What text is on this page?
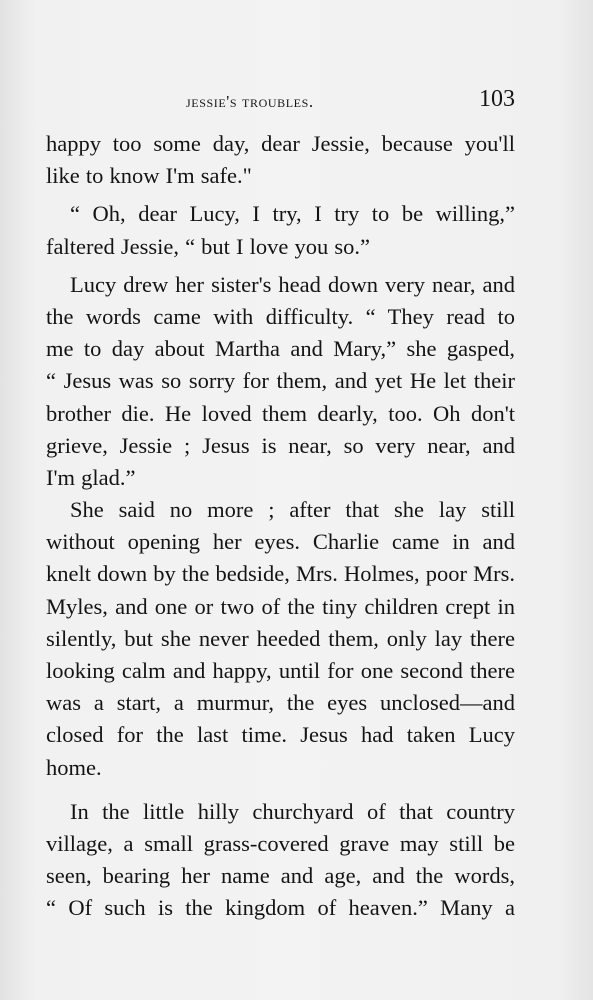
jessie's troubles.	103
happy too some day, dear Jessie, because you'll
like to know I'm safe."
“ Oh, dear Lucy, I try, I try to be willing,”
faltered Jessie, “ but I love you so.”
Lucy drew her sister's head down very near, and
the words came with difficulty. “ They read to
me to day about Martha and Mary,” she gasped,
“ Jesus was so sorry for them, and yet He let their
brother die. He loved them dearly, too. Oh don't
grieve, Jessie ; Jesus is near, so very near, and
I'm glad.”
She said no more ; after that she lay still
without opening her eyes. Charlie came in and
knelt down by the bedside, Mrs. Holmes, poor Mrs.
Myles, and one or two of the tiny children crept in
silently, but she never heeded them, only lay there
looking calm and happy, until for one second there
was a start, a murmur, the eyes unclosed—and
closed for the last time. Jesus had taken Lucy
home.
In the little hilly churchyard of that country
village, a small grass-covered grave may still be
seen, bearing her name and age, and the words,
“ Of such is the kingdom of heaven.” Many a
